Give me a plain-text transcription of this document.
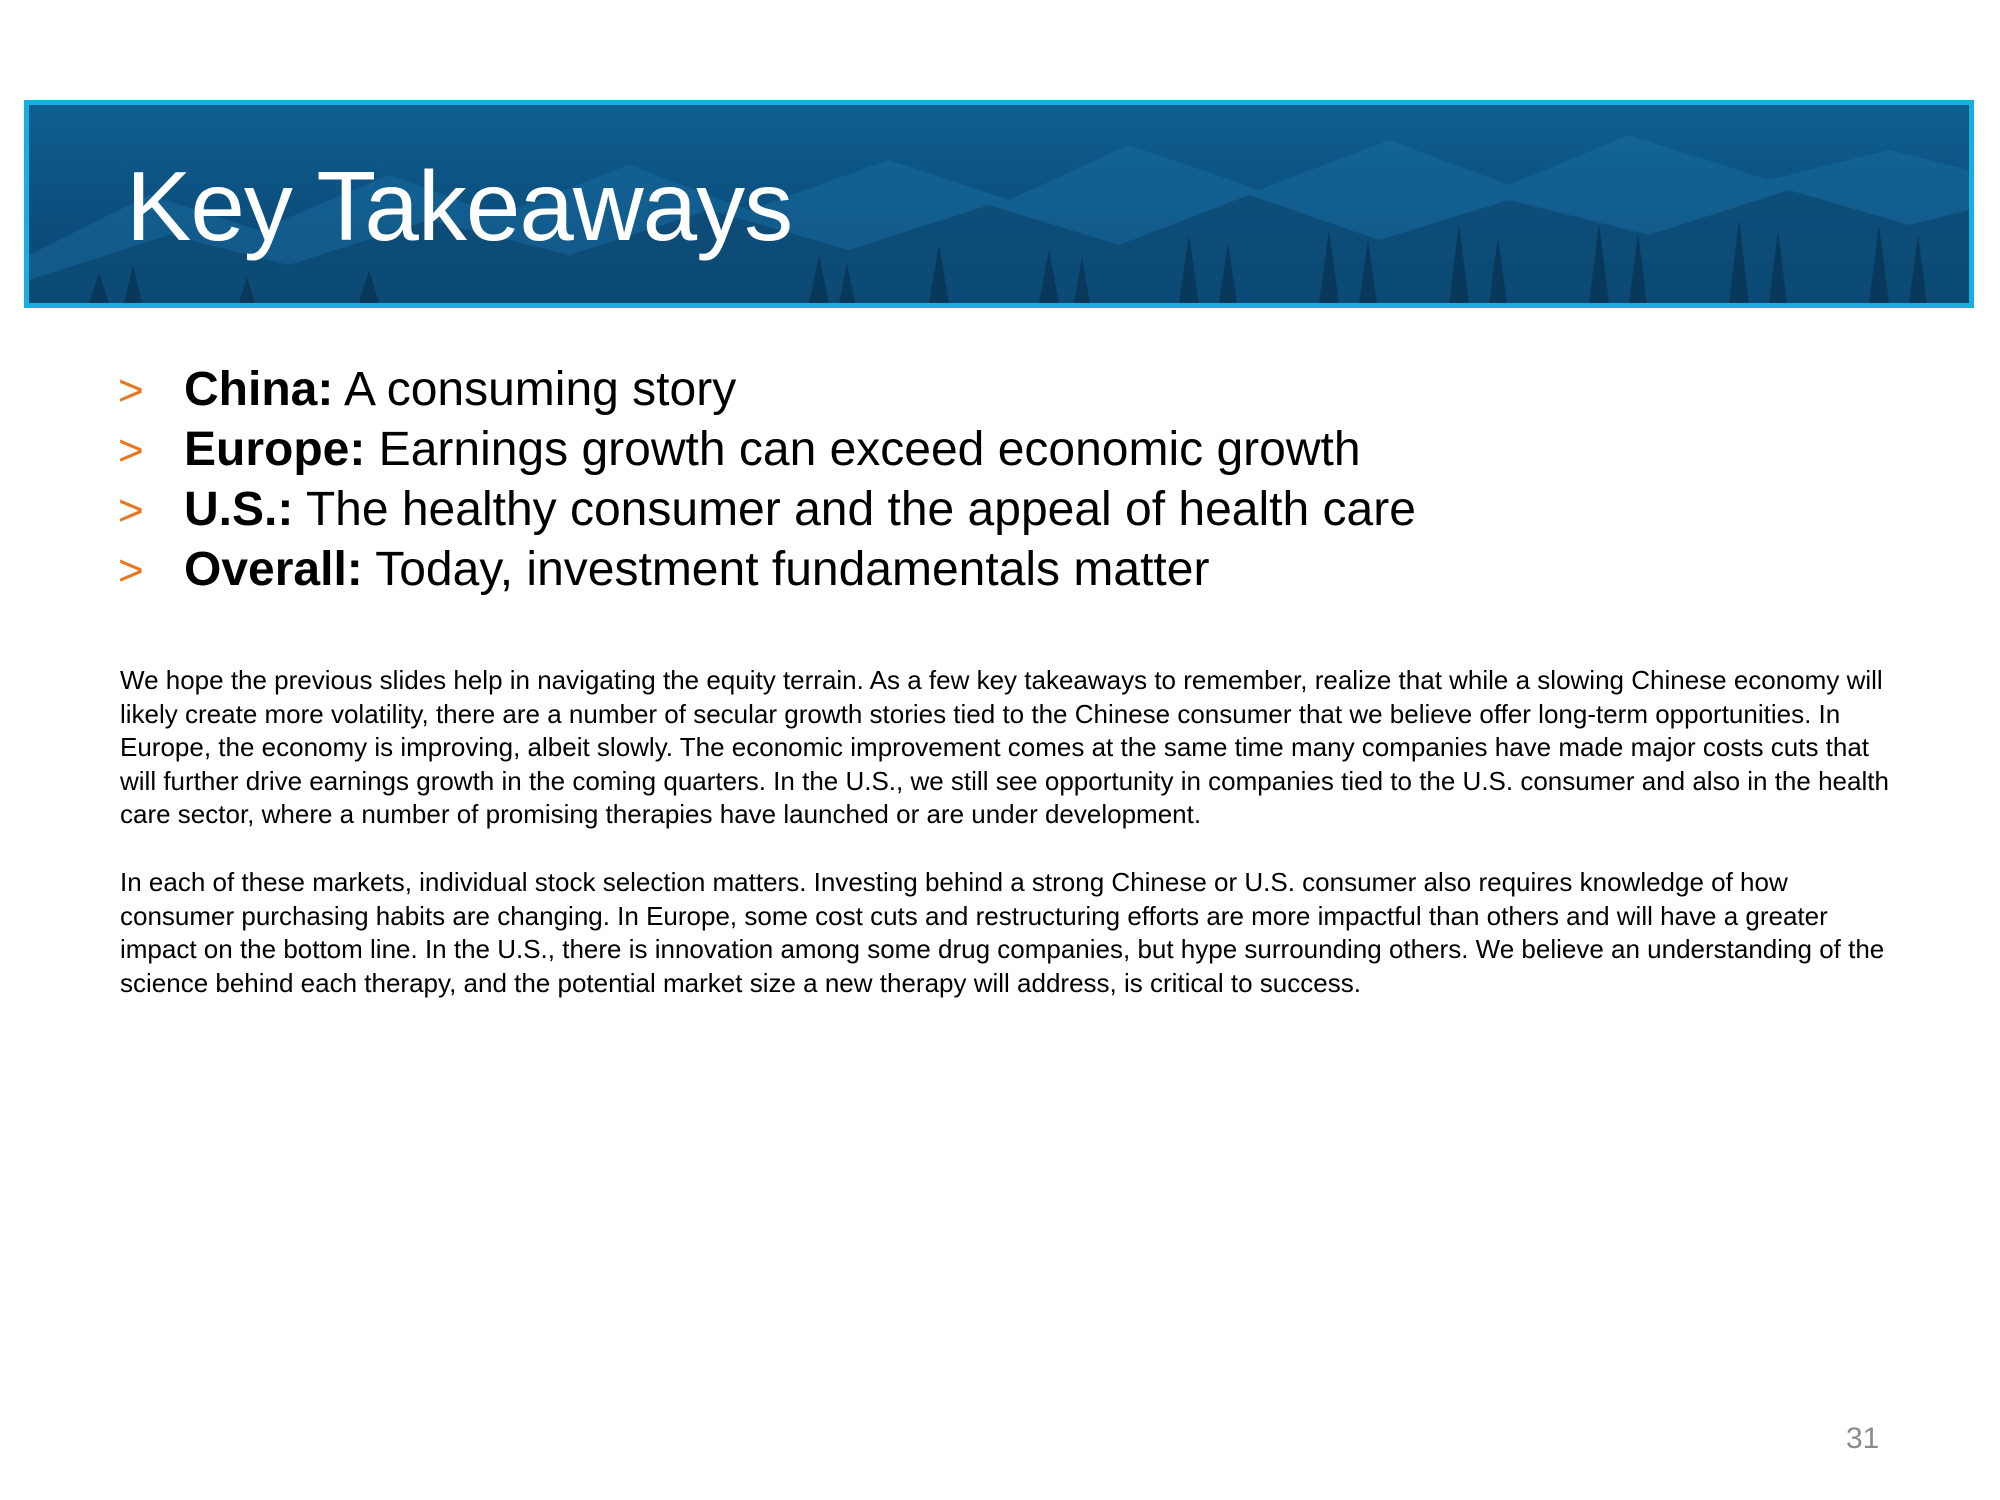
Key Takeaways
> China: A consuming story
> Europe: Earnings growth can exceed economic growth
> U.S.: The healthy consumer and the appeal of health care
> Overall: Today, investment fundamentals matter

We hope the previous slides help in navigating the equity terrain. As a few key takeaways to remember, realize that while a slowing Chinese economy will likely create more volatility, there are a number of secular growth stories tied to the Chinese consumer that we believe offer long-term opportunities. In Europe, the economy is improving, albeit slowly. The economic improvement comes at the same time many companies have made major costs cuts that will further drive earnings growth in the coming quarters. In the U.S., we still see opportunity in companies tied to the U.S. consumer and also in the health care sector, where a number of promising therapies have launched or are under development.

In each of these markets, individual stock selection matters. Investing behind a strong Chinese or U.S. consumer also requires knowledge of how consumer purchasing habits are changing. In Europe, some cost cuts and restructuring efforts are more impactful than others and will have a greater impact on the bottom line. In the U.S., there is innovation among some drug companies, but hype surrounding others. We believe an understanding of the science behind each therapy, and the potential market size a new therapy will address, is critical to success.

31
